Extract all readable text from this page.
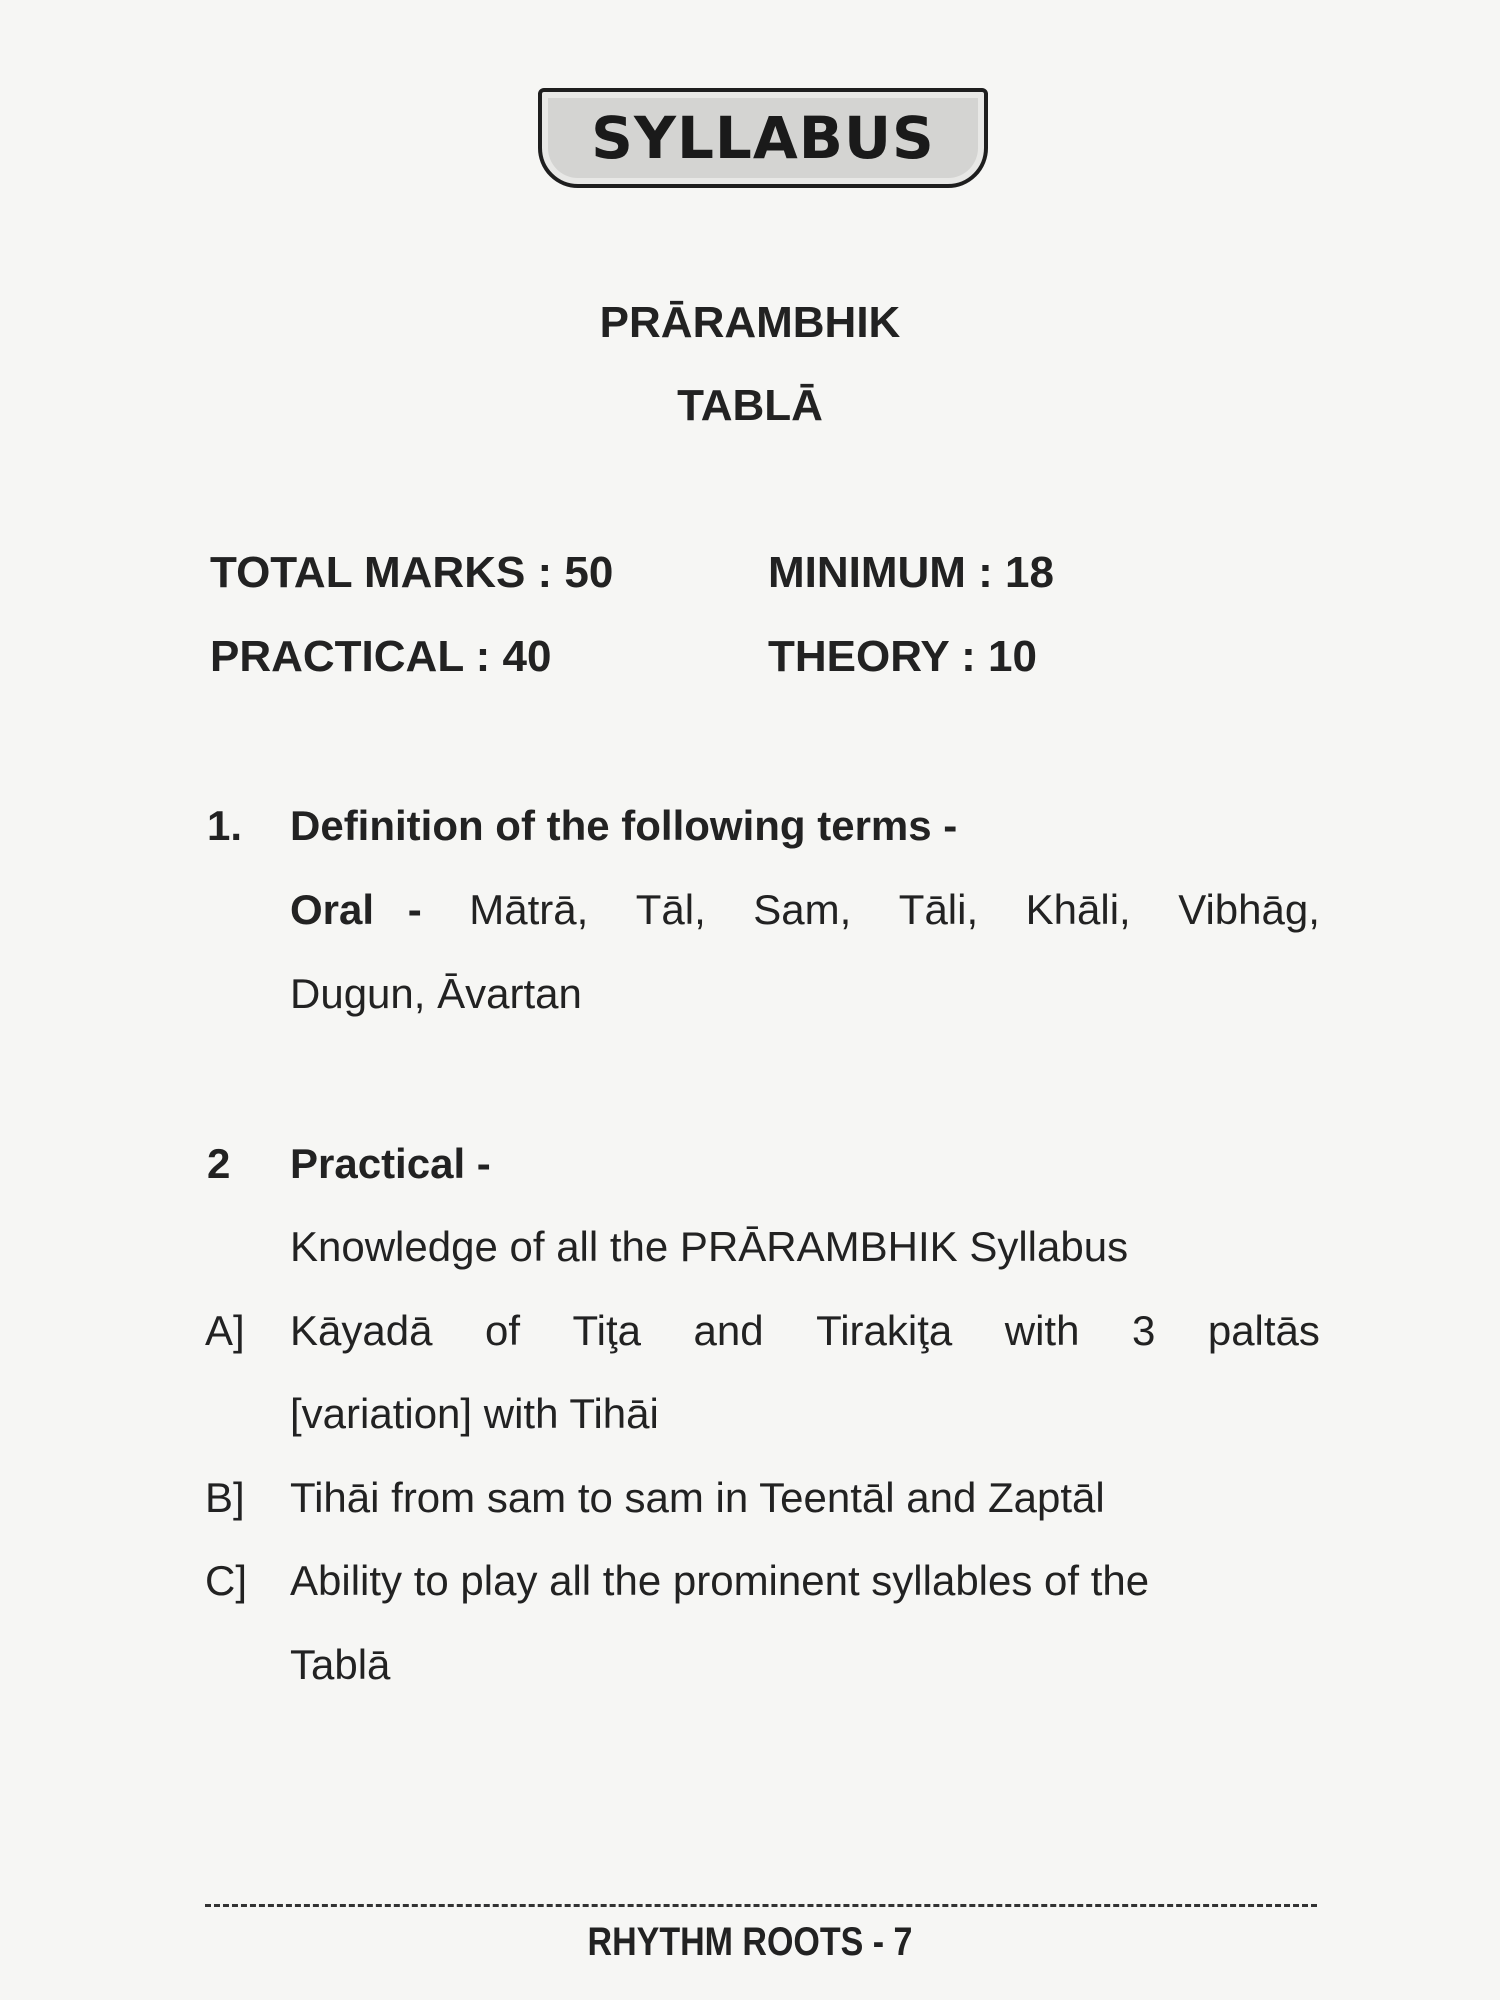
SYLLABUS
PRĀRAMBHIK
TABLĀ
TOTAL MARKS : 50	MINIMUM : 18
PRACTICAL : 40	THEORY : 10
1. Definition of the following terms -
Oral - Mātrā, Tāl, Sam, Tāli, Khāli, Vibhāg,
Dugun, Āvartan
2 Practical -
Knowledge of all the PRĀRAMBHIK Syllabus
A] Kāyadā of Tiţa and Tirakiţa with 3 paltās
[variation] with Tihāi
B] Tihāi from sam to sam in Teentāl and Zaptāl
C] Ability to play all the prominent syllables of the
Tablā
RHYTHM ROOTS - 7
